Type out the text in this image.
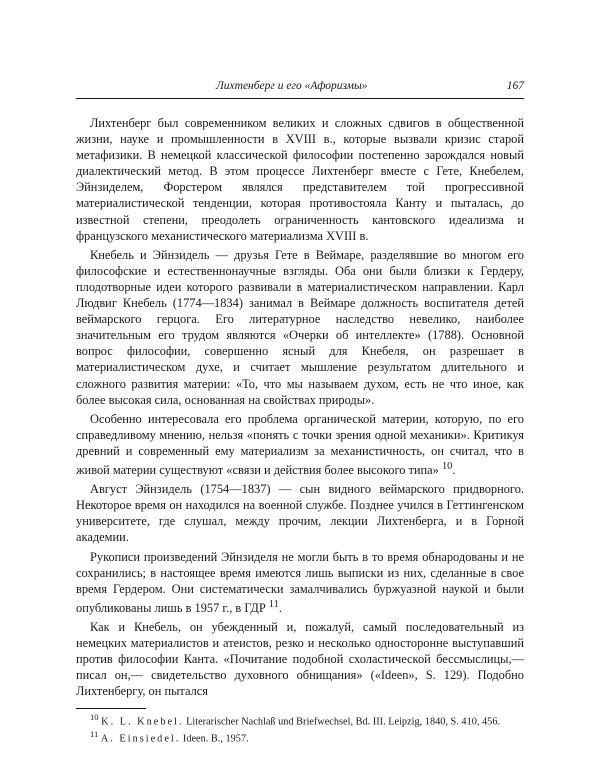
Лихтенберг и его «Афоризмы»	167

Лихтенберг был современником великих и сложных сдвигов в общественной жизни, науке и промышленности в XVIII в., которые вызвали кризис старой метафизики. В немецкой классической философии постепенно зарождался новый диалектический метод. В этом процессе Лихтенберг вместе с Гете, Кнебелем, Эйнзиделем, Форстером являлся представителем той прогрессивной материалистической тенденции, которая противостояла Канту и пыталась, до известной степени, преодолеть ограниченность кантовского идеализма и французского механистического материализма XVIII в.

Кнебель и Эйнзидель — друзья Гете в Веймаре, разделявшие во многом его философские и естественнонаучные взгляды. Оба они были близки к Гердеру, плодотворные идеи которого развивали в материалистическом направлении. Карл Людвиг Кнебель (1774—1834) занимал в Веймаре должность воспитателя детей веймарского герцога. Его литературное наследство невелико, наиболее значительным его трудом являются «Очерки об интеллекте» (1788). Основной вопрос философии, совершенно ясный для Кнебеля, он разрешает в материалистическом духе, и считает мышление результатом длительного и сложного развития материи: «То, что мы называем духом, есть не что иное, как более высокая сила, основанная на свойствах природы».

Особенно интересовала его проблема органической материи, которую, по его справедливому мнению, нельзя «понять с точки зрения одной механики». Критикуя древний и современный ему материализм за механистичность, он считал, что в живой материи существуют «связи и действия более высокого типа» $^{10}$.

Август Эйнзидель (1754—1837) — сын видного веймарского придворного. Некоторое время он находился на военной службе. Позднее учился в Геттингенском университете, где слушал, между прочим, лекции Лихтенберга, и в Горной академии.

Рукописи произведений Эйнзиделя не могли быть в то время обнародованы и не сохранились; в настоящее время имеются лишь выписки из них, сделанные в свое время Гердером. Они систематически замалчивались буржуазной наукой и были опубликованы лишь в 1957 г., в ГДР $^{11}$.

Как и Кнебель, он убежденный и, пожалуй, самый последовательный из немецких материалистов и атеистов, резко и несколько односторонне выступавший против философии Канта. «Почитание подобной схоластической бессмыслицы,— писал он,— свидетельство духовного обнищания» («Ideen», S. 129). Подобно Лихтенбергу, он пытался

$^{10}$ K. L. Knebel. Literarischer Nachlaß und Briefwechsel, Bd. III. Leipzig, 1840, S. 410, 456.
$^{11}$ A. Einsiedel. Ideen. B., 1957.
